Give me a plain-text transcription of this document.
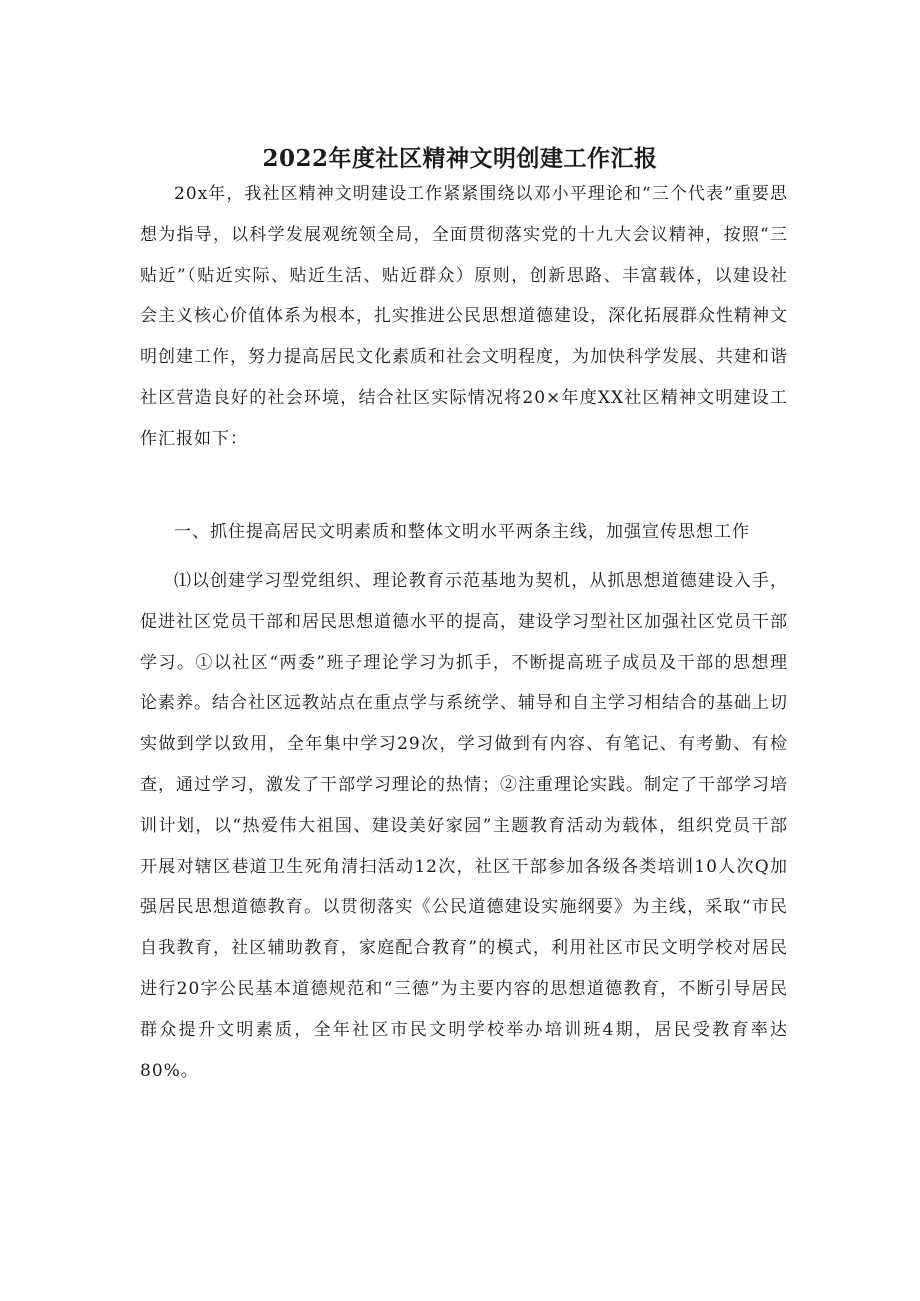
2022年度社区精神文明创建工作汇报

20x年，我社区精神文明建设工作紧紧围绕以邓小平理论和“三个代表”重要思想为指导，以科学发展观统领全局，全面贯彻落实党的十九大会议精神，按照“三贴近”（贴近实际、贴近生活、贴近群众）原则，创新思路、丰富载体，以建设社会主义核心价值体系为根本，扎实推进公民思想道德建设，深化拓展群众性精神文明创建工作，努力提高居民文化素质和社会文明程度，为加快科学发展、共建和谐社区营造良好的社会环境，结合社区实际情况将20×年度XX社区精神文明建设工作汇报如下：

一、抓住提高居民文明素质和整体文明水平两条主线，加强宣传思想工作

⑴以创建学习型党组织、理论教育示范基地为契机，从抓思想道德建设入手，促进社区党员干部和居民思想道德水平的提高，建设学习型社区加强社区党员干部学习。①以社区“两委”班子理论学习为抓手，不断提高班子成员及干部的思想理论素养。结合社区远教站点在重点学与系统学、辅导和自主学习相结合的基础上切实做到学以致用，全年集中学习29次，学习做到有内容、有笔记、有考勤、有检查，通过学习，激发了干部学习理论的热情；②注重理论实践。制定了干部学习培训计划，以“热爱伟大祖国、建设美好家园”主题教育活动为载体，组织党员干部开展对辖区巷道卫生死角清扫活动12次，社区干部参加各级各类培训10人次Q加强居民思想道德教育。以贯彻落实《公民道德建设实施纲要》为主线，采取“市民自我教育，社区辅助教育，家庭配合教育”的模式，利用社区市民文明学校对居民进行20字公民基本道德规范和“三德”为主要内容的思想道德教育，不断引导居民群众提升文明素质，全年社区市民文明学校举办培训班4期，居民受教育率达80%。
